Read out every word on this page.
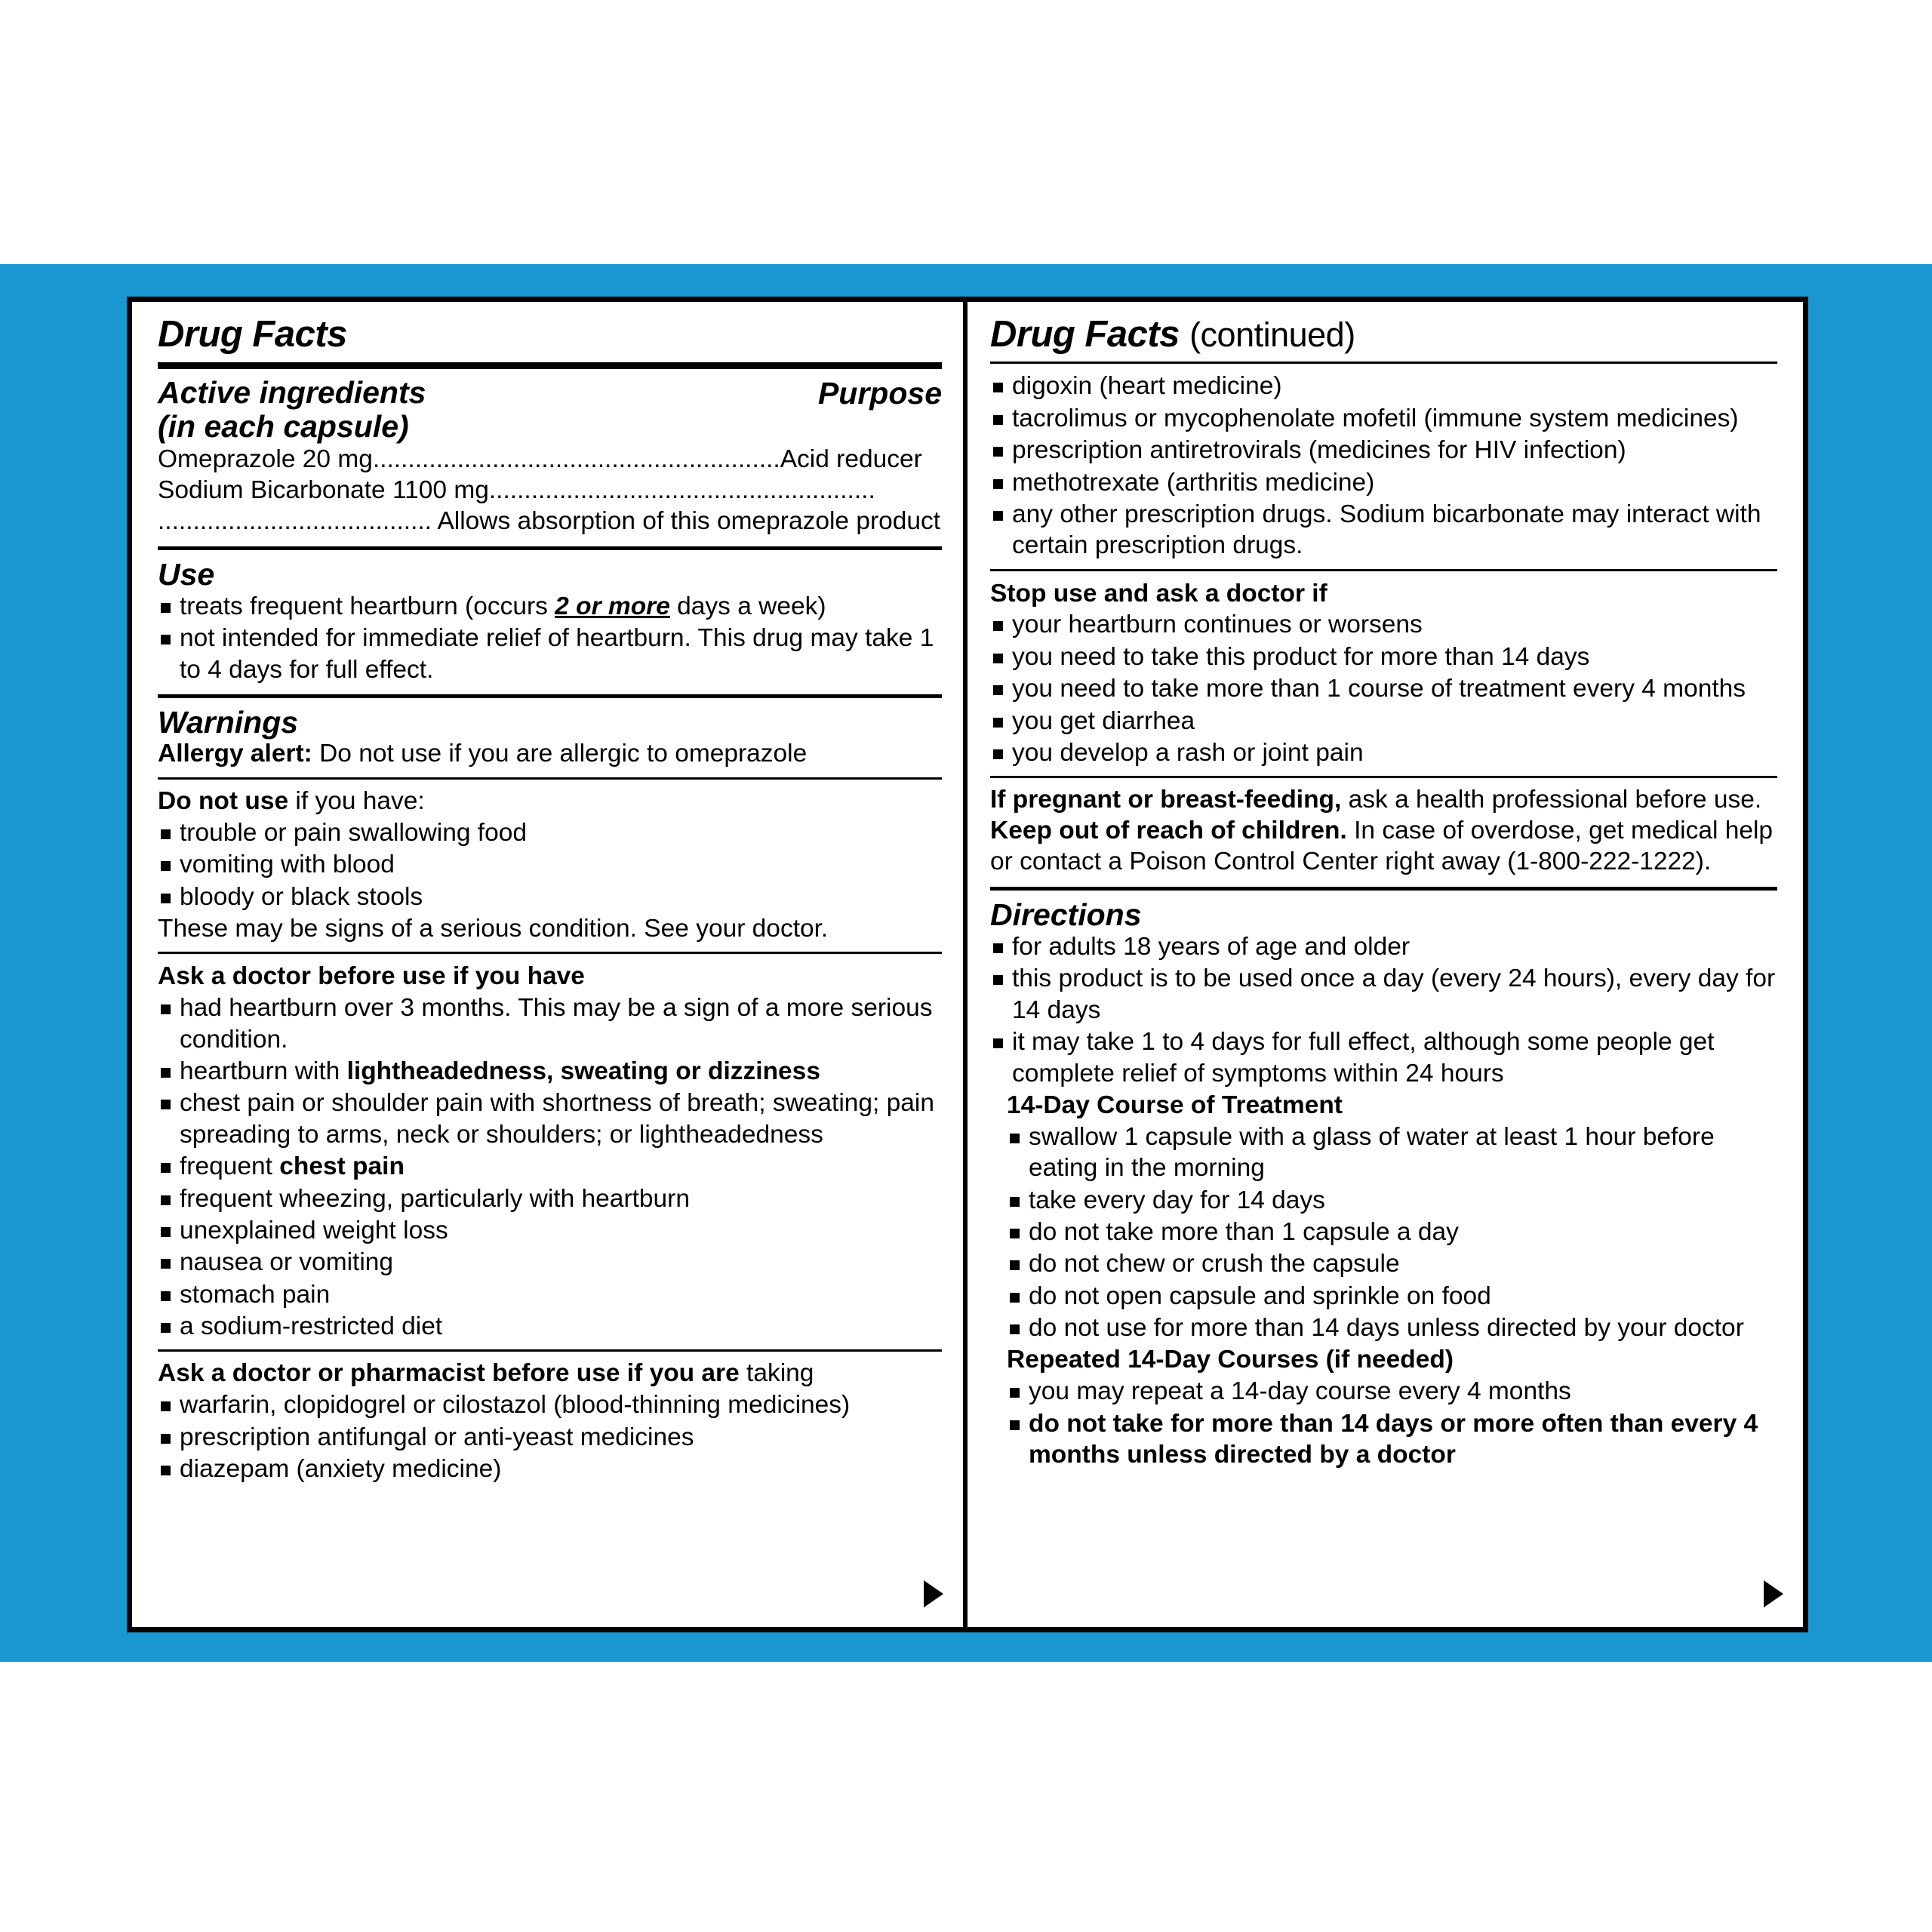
Drug Facts
Active ingredients
(in each capsule)
Purpose
Omeprazole 20 mg..........................................................Acid reducer
Sodium Bicarbonate 1100 mg.......................................................
....................................... Allows absorption of this omeprazole product
Use
treats frequent heartburn (occurs 2 or more days a week)
not intended for immediate relief of heartburn. This drug may take 1 to 4 days for full effect.
Warnings
Allergy alert: Do not use if you are allergic to omeprazole
Do not use if you have:
trouble or pain swallowing food
vomiting with blood
bloody or black stools
These may be signs of a serious condition. See your doctor.
Ask a doctor before use if you have
had heartburn over 3 months. This may be a sign of a more serious condition.
heartburn with lightheadedness, sweating or dizziness
chest pain or shoulder pain with shortness of breath; sweating; pain spreading to arms, neck or shoulders; or lightheadedness
frequent chest pain
frequent wheezing, particularly with heartburn
unexplained weight loss
nausea or vomiting
stomach pain
a sodium-restricted diet
Ask a doctor or pharmacist before use if you are taking
warfarin, clopidogrel or cilostazol (blood-thinning medicines)
prescription antifungal or anti-yeast medicines
diazepam (anxiety medicine)
Drug Facts (continued)
digoxin (heart medicine)
tacrolimus or mycophenolate mofetil (immune system medicines)
prescription antiretrovirals (medicines for HIV infection)
methotrexate (arthritis medicine)
any other prescription drugs. Sodium bicarbonate may interact with certain prescription drugs.
Stop use and ask a doctor if
your heartburn continues or worsens
you need to take this product for more than 14 days
you need to take more than 1 course of treatment every 4 months
you get diarrhea
you develop a rash or joint pain
If pregnant or breast-feeding, ask a health professional before use.
Keep out of reach of children. In case of overdose, get medical help or contact a Poison Control Center right away (1-800-222-1222).
Directions
for adults 18 years of age and older
this product is to be used once a day (every 24 hours), every day for 14 days
it may take 1 to 4 days for full effect, although some people get complete relief of symptoms within 24 hours
14-Day Course of Treatment
swallow 1 capsule with a glass of water at least 1 hour before eating in the morning
take every day for 14 days
do not take more than 1 capsule a day
do not chew or crush the capsule
do not open capsule and sprinkle on food
do not use for more than 14 days unless directed by your doctor
Repeated 14-Day Courses (if needed)
you may repeat a 14-day course every 4 months
do not take for more than 14 days or more often than every 4 months unless directed by a doctor
